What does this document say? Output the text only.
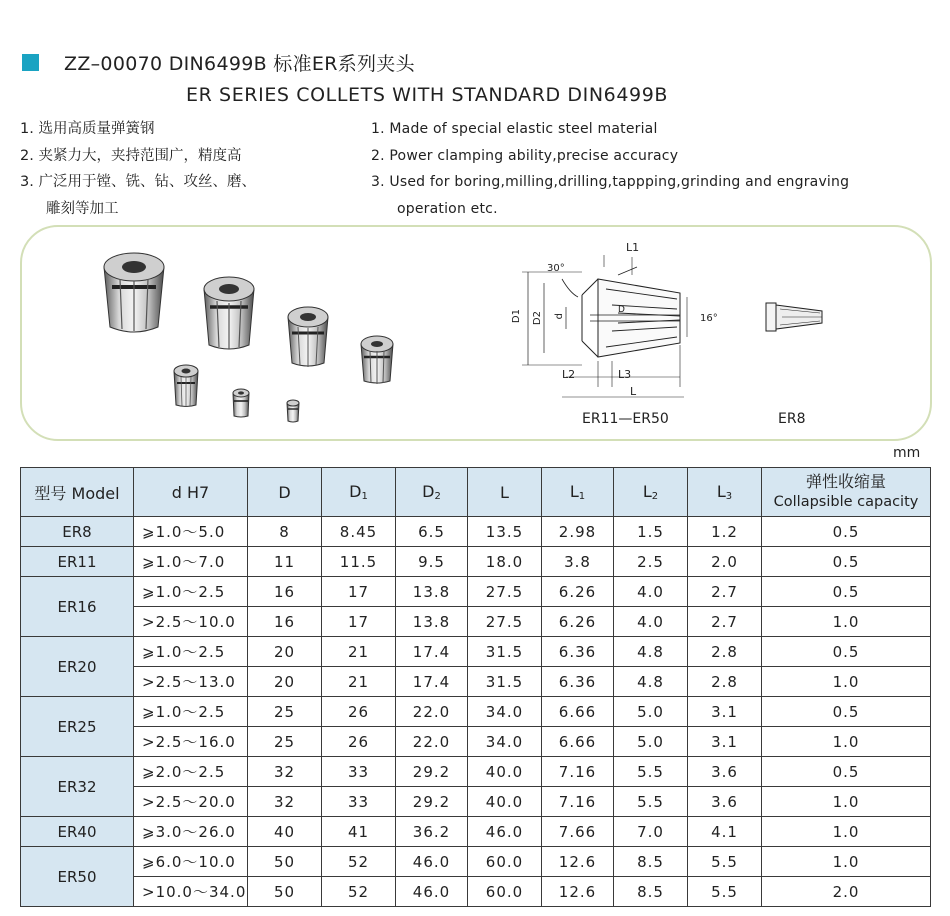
ZZ–00070 DIN6499B 标准ER系列夹头
ER SERIES COLLETS WITH STANDARD DIN6499B
1. 选用高质量弹簧钢
2. 夹紧力大，夹持范围广，精度高
3. 广泛用于镗、铣、钻、攻丝、磨、
雕刻等加工
1. Made of special elastic steel material
2. Power clamping ability,precise accuracy
3. Used for boring,milling,drilling,tappping,grinding and engraving
operation etc.
30°
L1
16°
D1 D2 d
D
L2	L3
L
ER11—ER50	ER8
mm
型号 Model	d H7	D	$D_1$	$D_2$	L	$L_1$	$L_2$	$L_3$	弹性收缩量
Collapsible capacity

ER8	⩾1.0～5.0	8	8.45	6.5	13.5	2.98	1.5	1.2	0.5
ER11	⩾1.0～7.0	11	11.5	9.5	18.0	3.8	2.5	2.0	0.5
ER16	⩾1.0～2.5	16	17	13.8	27.5	6.26	4.0	2.7	0.5
	>2.5～10.0	16	17	13.8	27.5	6.26	4.0	2.7	1.0
ER20	⩾1.0～2.5	20	21	17.4	31.5	6.36	4.8	2.8	0.5
	>2.5～13.0	20	21	17.4	31.5	6.36	4.8	2.8	1.0
ER25	⩾1.0～2.5	25	26	22.0	34.0	6.66	5.0	3.1	0.5
	>2.5～16.0	25	26	22.0	34.0	6.66	5.0	3.1	1.0
ER32	⩾2.0～2.5	32	33	29.2	40.0	7.16	5.5	3.6	0.5
	>2.5～20.0	32	33	29.2	40.0	7.16	5.5	3.6	1.0
ER40	⩾3.0～26.0	40	41	36.2	46.0	7.66	7.0	4.1	1.0
ER50	⩾6.0～10.0	50	52	46.0	60.0	12.6	8.5	5.5	1.0
	>10.0～34.0	50	52	46.0	60.0	12.6	8.5	5.5	2.0
